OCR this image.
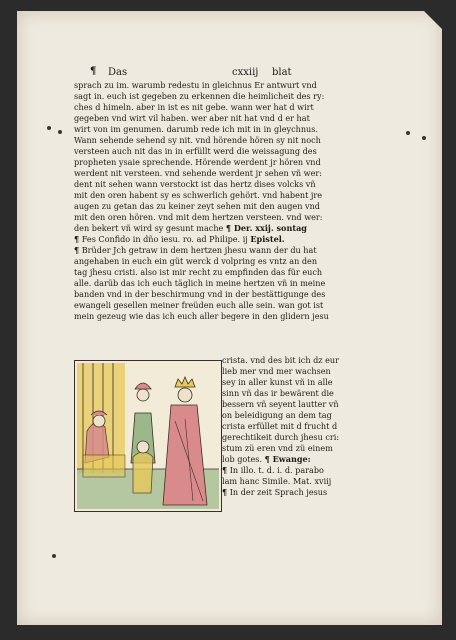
¶ Das	cxxiij blat
sprach zu im. warumb redestu in gleichnus Er antwurt vnd
sagt in. euch ist gegeben zu erkennen die heimlicheit des ry:
ches d himeln. aber in ist es nit gebe. wann wer hat d wirt
gegeben vnd wirt vil haben. wer aber nit hat vnd d er hat
wirt von im genumen. darumb rede ich mit in in gleychnus.
Wann sehende sehend sy nit. vnd hörende hören sy nit noch
versteen auch nit das in in erfüllt werd die weissagung des
propheten ysaie sprechende. Hörende werdent jr hören vnd
werdent nit versteen. vnd sehende werdent jr sehen vñ wer:
dent nit sehen wann verstockt ist das hertz dises volcks vñ
mit den oren habent sy es schwerlich gehört. vnd habent jre
augen zu getan das zu keiner zeyt sehen mit den augen vnd
mit den oren hören. vnd mit dem hertzen versteen. vnd wer:
den bekert vñ wird sy gesunt mache ¶ Der. xxij. sontag
¶ Fes Confido in dño iesu. ro. ad Philipe. ij Epistel.
¶ Brüder Jch getraw in dem hertzen jhesu wann der du hat
angehaben in euch ein güt werck d volpring es vntz an den
tag jhesu cristi. also ist mir recht zu empfinden das für euch
alle. darüb das ich euch täglich in meine hertzen vñ in meine
banden vnd in der beschirmung vnd in der bestättigunge des
ewangeli gesellen meiner freüden euch alle sein. wan got ist
mein gezeug wie das ich euch aller begere in den glidern jesu
crista. vnd des bit ich dz eur
lieb mer vnd mer wachsen
sey in aller kunst vñ in alle
sinn vñ das ir bewärent die
bessern vñ seyent lautter vñ
on beleidigung an dem tag
crista erfüllet mit d frucht d
gerechtikeit durch jhesu cri:
stum zü eren vnd zü einem
lob gotes. ¶ Ewange:
¶ In illo. t. d. i. d. parabo
lam hanc Simile. Mat. xviij
¶ In der zeit Sprach jesus
